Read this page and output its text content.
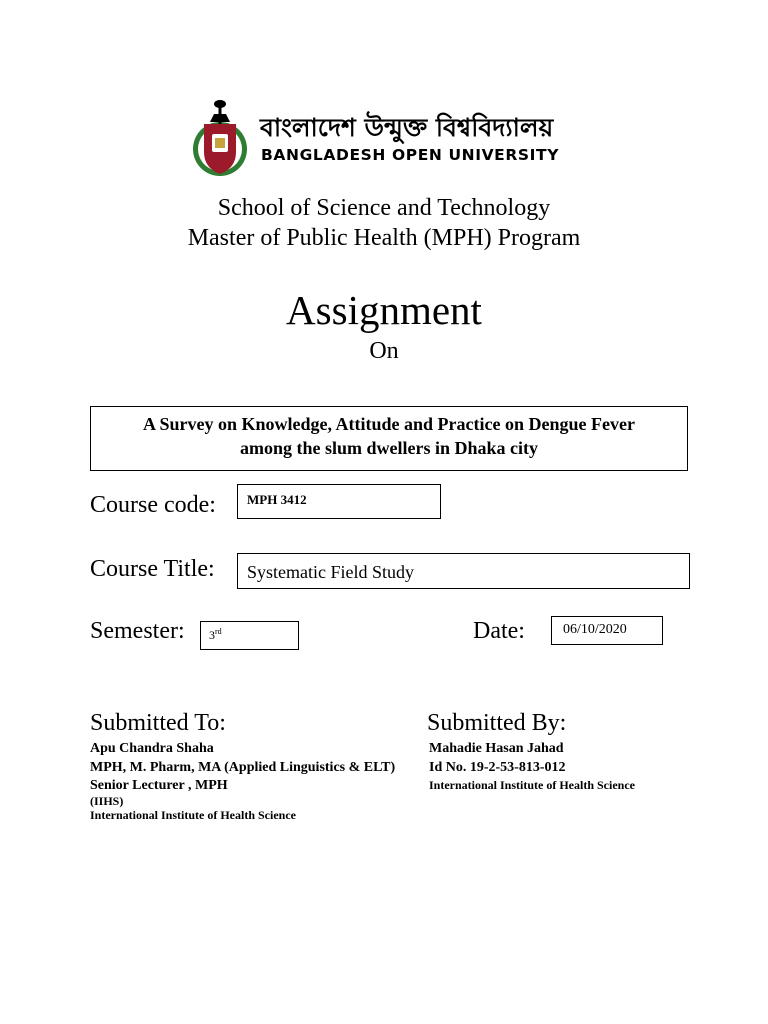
বাংলাদেশ উন্মুক্ত বিশ্ববিদ্যালয়
BANGLADESH OPEN UNIVERSITY
School of Science and Technology
Master of Public Health (MPH) Program
Assignment
On
A Survey on Knowledge, Attitude and Practice on Dengue Fever
among the slum dwellers in Dhaka city
Course code:	MPH 3412
Course Title:	Systematic Field Study
Semester:	3rd	Date:	06/10/2020
Submitted To:
Apu Chandra Shaha
MPH, M. Pharm, MA (Applied Linguistics & ELT)
Senior Lecturer , MPH
(IIHS)
International Institute of Health Science
Submitted By:
Mahadie Hasan Jahad
Id No. 19-2-53-813-012
International Institute of Health Science
